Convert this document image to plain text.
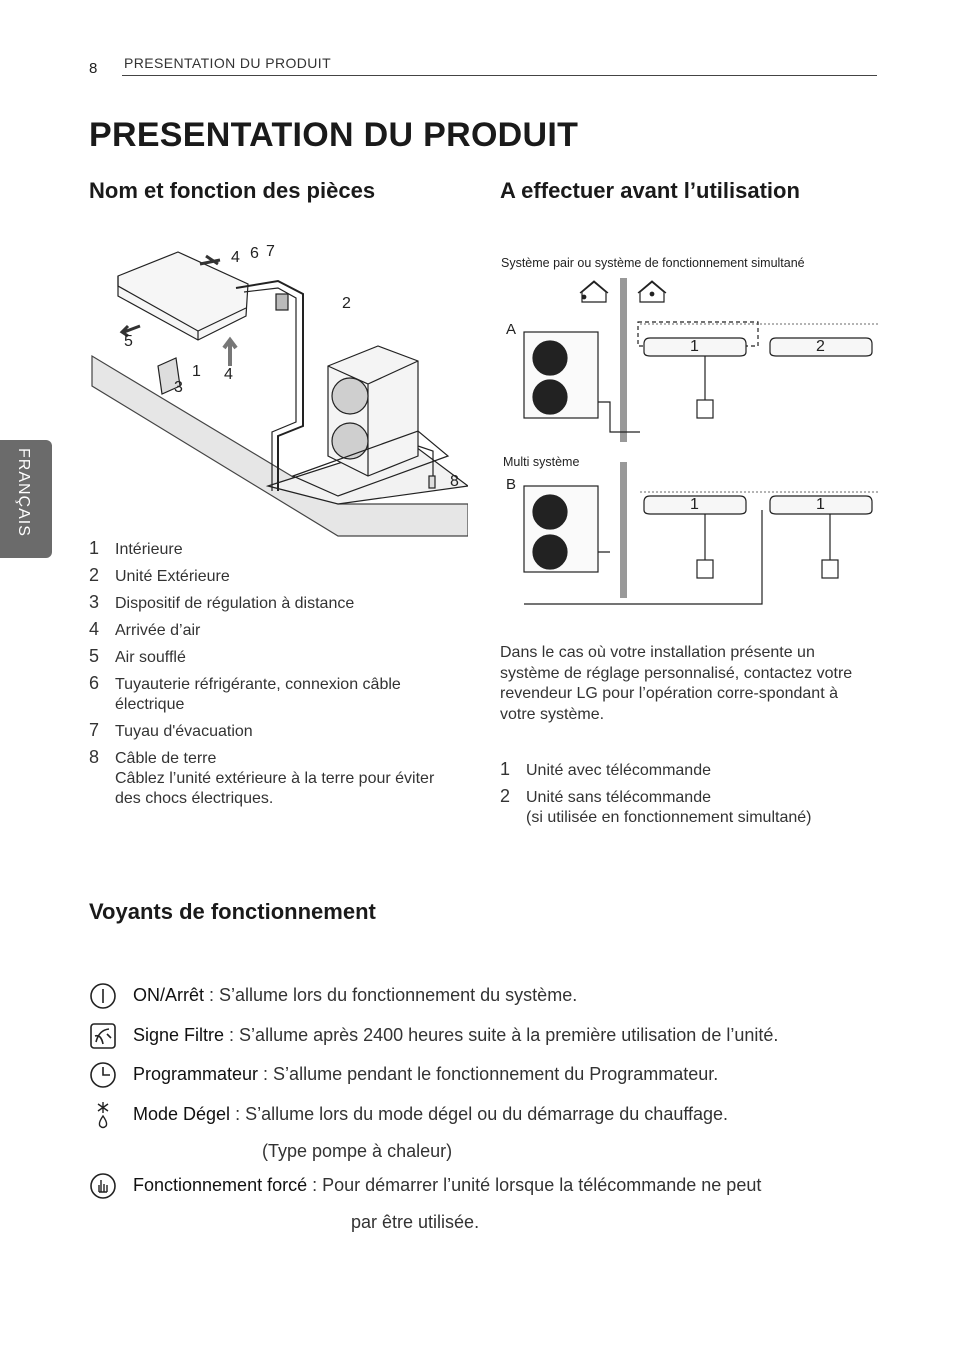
8 PRESENTATION DU PRODUIT
PRESENTATION DU PRODUIT
FRANÇAIS
Nom et fonction des pièces	A effectuer avant l’utilisation
4 6 7
2
5
1 4
3
8
1 Intérieure
2 Unité Extérieure
3 Dispositif de régulation à distance
4 Arrivée d’air
5 Air soufflé
6 Tuyauterie réfrigérante, connexion câble électrique
7 Tuyau d'évacuation
8 Câble de terre
Câblez l’unité extérieure à la terre pour éviter des chocs électriques.
Système pair ou système de fonctionnement simultané
A
Multi système
B
1	2
1	1
Dans le cas où votre installation présente un système de réglage personnalisé, contactez votre revendeur LG pour l’opération corre-spondant à votre système.
1 Unité avec télécommande
2 Unité sans télécommande
(si utilisée en fonctionnement simultané)
Voyants de fonctionnement
ON/Arrêt : S’allume lors du fonctionnement du système.
Signe Filtre : S’allume après 2400 heures suite à la première utilisation de l’unité.
Programmateur : S’allume pendant le fonctionnement du Programmateur.
Mode Dégel : S’allume lors du mode dégel ou du démarrage du chauffage.
(Type pompe à chaleur)
Fonctionnement forcé : Pour démarrer l’unité lorsque la télécommande ne peut
par être utilisée.
